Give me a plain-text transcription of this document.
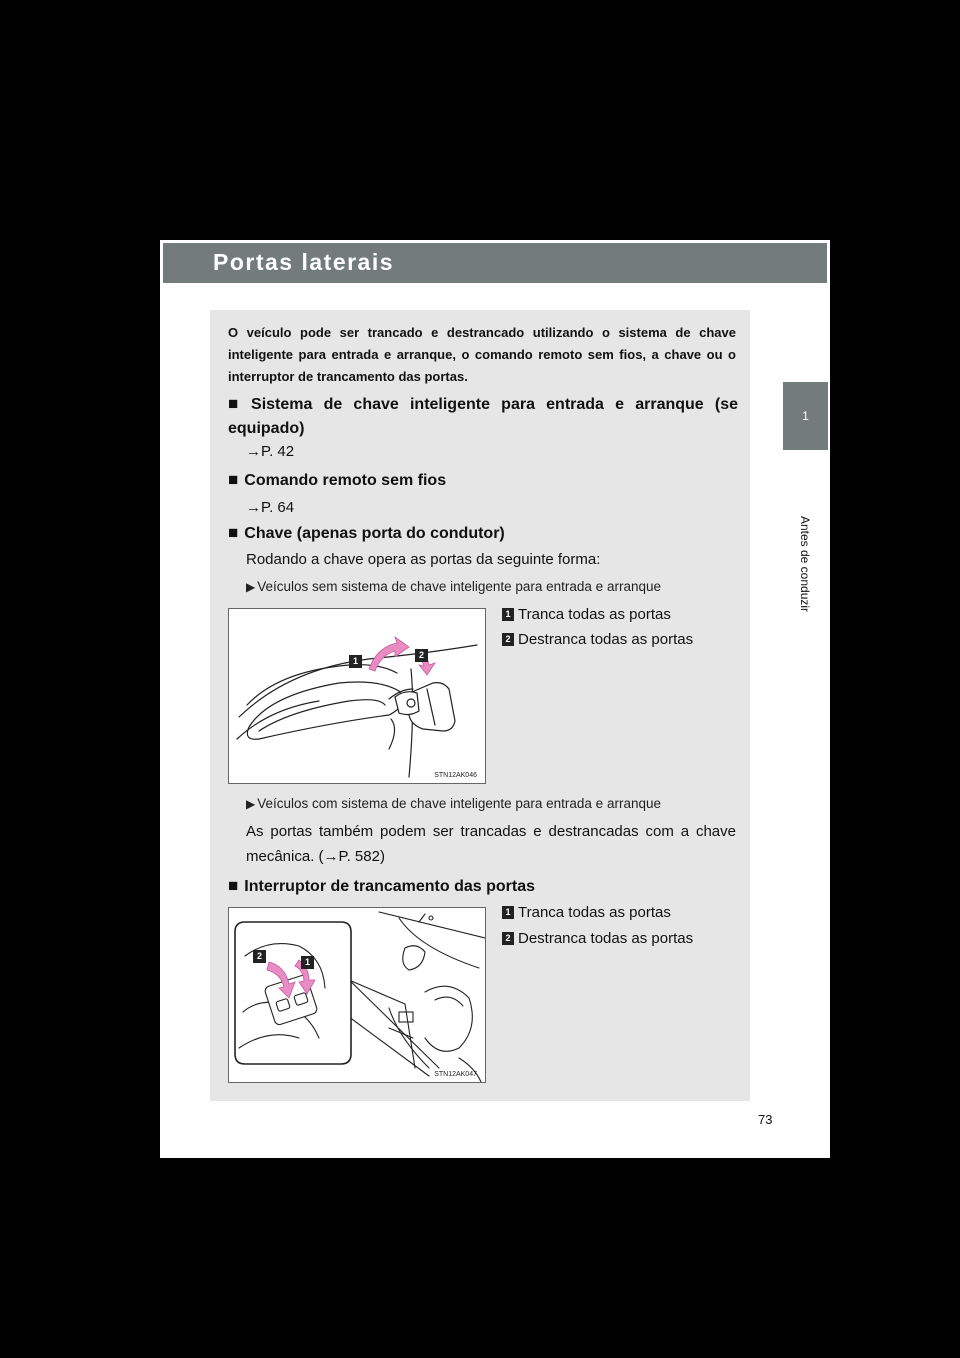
Portas laterais
1
Antes de conduzir
O veículo pode ser trancado e destrancado utilizando o sistema de chave inteligente para entrada e arranque, o comando remoto sem fios, a chave ou o interruptor de trancamento das portas.
■ Sistema de chave inteligente para entrada e arranque (se equipado)
→P. 42
■ Comando remoto sem fios
→P. 64
■ Chave (apenas porta do condutor)
Rodando a chave opera as portas da seguinte forma:
▶ Veículos sem sistema de chave inteligente para entrada e arranque
1
2
STN12AK046
1 Tranca todas as portas
2 Destranca todas as portas
▶ Veículos com sistema de chave inteligente para entrada e arranque
As portas também podem ser trancadas e destrancadas com a chave mecânica. (→P. 582)
■ Interruptor de trancamento das portas
2
1
STN12AK047
1 Tranca todas as portas
2 Destranca todas as portas
73
